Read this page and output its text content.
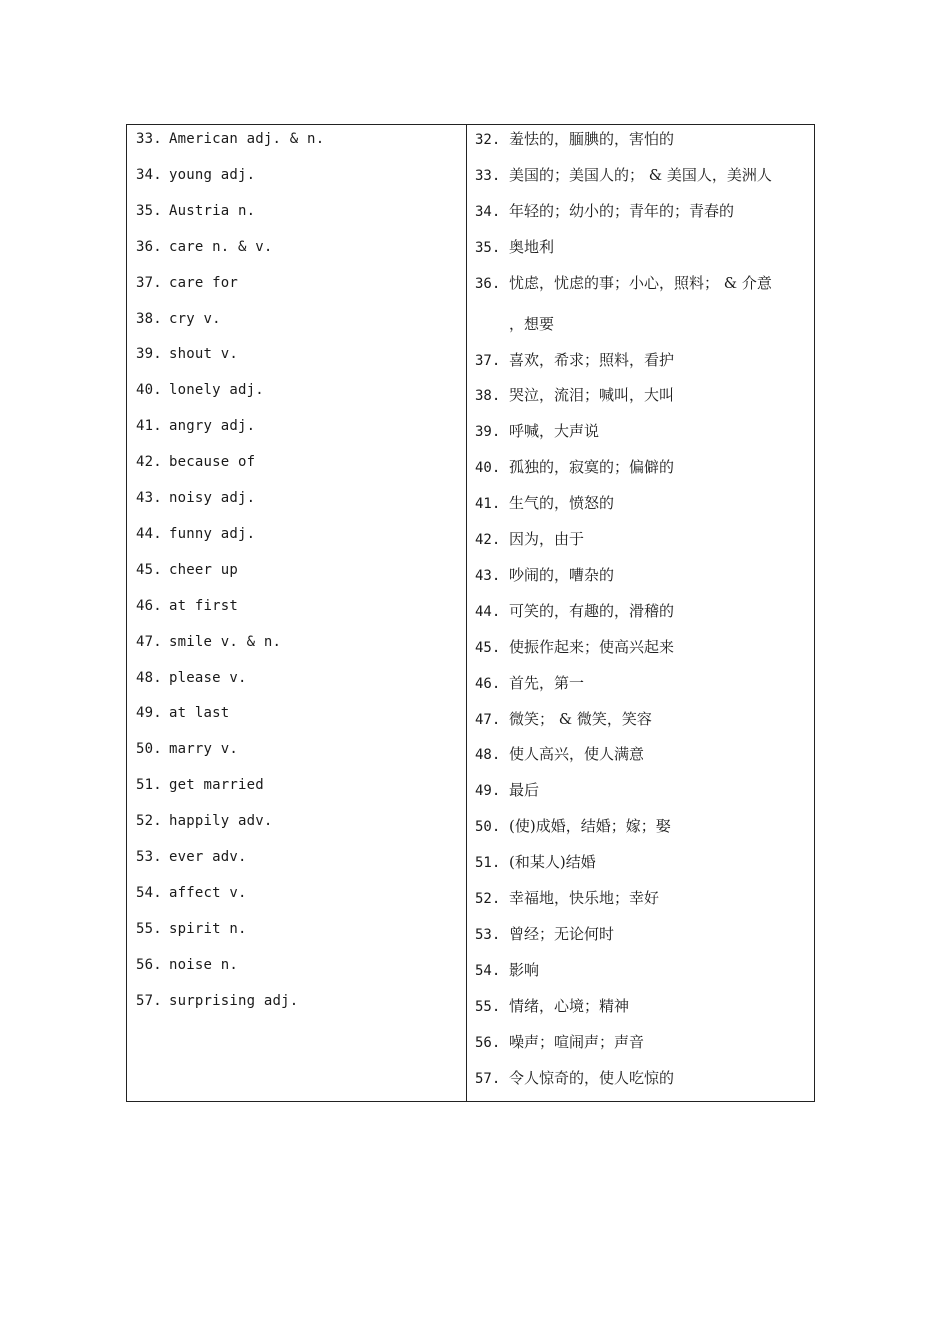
33. American adj. & n.
34. young adj.
35. Austria n.
36. care n. & v.
37. care for
38. cry v.
39. shout v.
40. lonely adj.
41. angry adj.
42. because of
43. noisy adj.
44. funny adj.
45. cheer up
46. at first
47. smile v. & n.
48. please v.
49. at last
50. marry v.
51. get married
52. happily adv.
53. ever adv.
54. affect v.
55. spirit n.
56. noise n.
57. surprising adj.
32. 羞怯的，腼腆的，害怕的
33. 美国的；美国人的； & 美国人，美洲人
34. 年轻的；幼小的；青年的；青春的
35. 奥地利
36. 忧虑，忧虑的事；小心，照料； & 介意
，想要
37. 喜欢，希求；照料，看护
38. 哭泣，流泪；喊叫，大叫
39. 呼喊，大声说
40. 孤独的，寂寞的；偏僻的
41. 生气的，愤怒的
42. 因为，由于
43. 吵闹的，嘈杂的
44. 可笑的，有趣的，滑稽的
45. 使振作起来；使高兴起来
46. 首先，第一
47. 微笑； & 微笑，笑容
48. 使人高兴，使人满意
49. 最后
50. (使)成婚，结婚；嫁；娶
51. (和某人)结婚
52. 幸福地，快乐地；幸好
53. 曾经；无论何时
54. 影响
55. 情绪，心境；精神
56. 噪声；喧闹声；声音
57. 令人惊奇的，使人吃惊的
